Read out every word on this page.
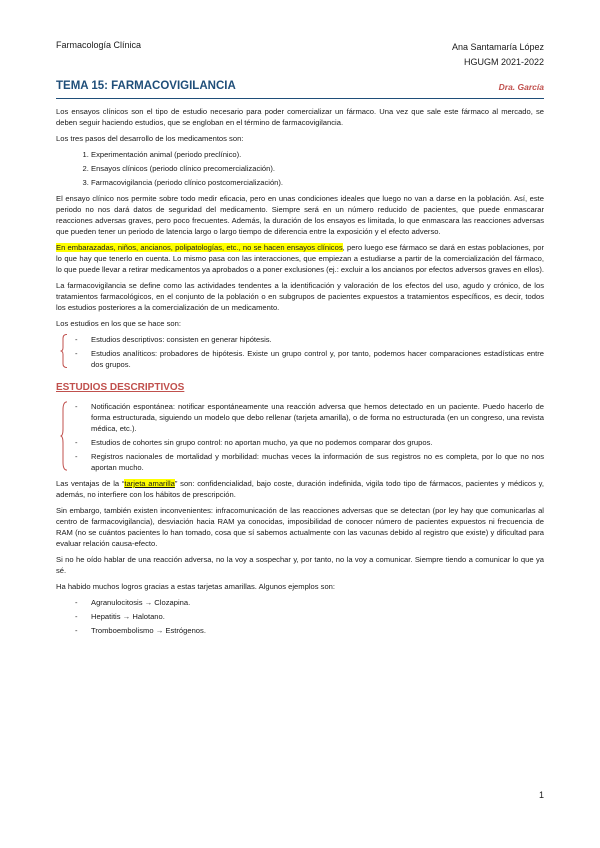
Farmacología Clínica	Ana Santamaría López
HGUGM 2021-2022
TEMA 15: FARMACOVIGILANCIA	Dra. García

Los ensayos clínicos son el tipo de estudio necesario para poder comercializar un fármaco. Una vez que sale este fármaco al mercado, se deben seguir haciendo estudios, que se engloban en el término de farmacovigilancia.

Los tres pasos del desarrollo de los medicamentos son:

1. Experimentación animal (periodo preclínico).
2. Ensayos clínicos (periodo clínico precomercialización).
3. Farmacovigilancia (periodo clínico postcomercialización).

El ensayo clínico nos permite sobre todo medir eficacia, pero en unas condiciones ideales que luego no van a darse en la población. Así, este periodo no nos dará datos de seguridad del medicamento. Siempre será en un número reducido de pacientes, que puede enmascarar reacciones adversas graves, pero poco frecuentes. Además, la duración de los ensayos es limitada, lo que enmascara las reacciones adversas que pueden tener un periodo de latencia largo o largo tiempo de diferencia entre la exposición y el efecto adverso.

En embarazadas, niños, ancianos, polipatologías, etc., no se hacen ensayos clínicos, pero luego ese fármaco se dará en estas poblaciones, por lo que hay que tenerlo en cuenta. Lo mismo pasa con las interacciones, que empiezan a estudiarse a partir de la comercialización del fármaco, lo que puede llevar a retirar medicamentos ya aprobados o a poner exclusiones (ej.: excluir a los ancianos por efectos adversos graves en ellos).

La farmacovigilancia se define como las actividades tendentes a la identificación y valoración de los efectos del uso, agudo y crónico, de los tratamientos farmacológicos, en el conjunto de la población o en subgrupos de pacientes expuestos a tratamientos específicos, es decir, todos los estudios posteriores a la comercialización de un medicamento.

Los estudios en los que se hace son:

- Estudios descriptivos: consisten en generar hipótesis.
- Estudios analíticos: probadores de hipótesis. Existe un grupo control y, por tanto, podemos hacer comparaciones estadísticas entre dos grupos.
ESTUDIOS DESCRIPTIVOS
- Notificación espontánea: notificar espontáneamente una reacción adversa que hemos detectado en un paciente. Puedo hacerlo de forma estructurada, siguiendo un modelo que debo rellenar (tarjeta amarilla), o de forma no estructurada (en un congreso, una revista médica, etc.).
- Estudios de cohortes sin grupo control: no aportan mucho, ya que no podemos comparar dos grupos.
- Registros nacionales de mortalidad y morbilidad: muchas veces la información de sus registros no es completa, por lo que no nos aportan mucho.

Las ventajas de la “tarjeta amarilla” son: confidencialidad, bajo coste, duración indefinida, vigila todo tipo de fármacos, pacientes y médicos y, además, no interfiere con los hábitos de prescripción.

Sin embargo, también existen inconvenientes: infracomunicación de las reacciones adversas que se detectan (por ley hay que comunicarlas al centro de farmacovigilancia), desviación hacia RAM ya conocidas, imposibilidad de conocer número de pacientes expuestos ni frecuencia de RAM (no se cuántos pacientes lo han tomado, cosa que sí sabemos actualmente con las vacunas debido al registro que existe) y dificultad para evaluar relación causa-efecto.

Si no he oído hablar de una reacción adversa, no la voy a sospechar y, por tanto, no la voy a comunicar. Siempre tiendo a comunicar lo que ya sé.

Ha habido muchos logros gracias a estas tarjetas amarillas. Algunos ejemplos son:

- Agranulocitosis → Clozapina.
- Hepatitis → Halotano.
- Tromboembolismo → Estrógenos.
1
